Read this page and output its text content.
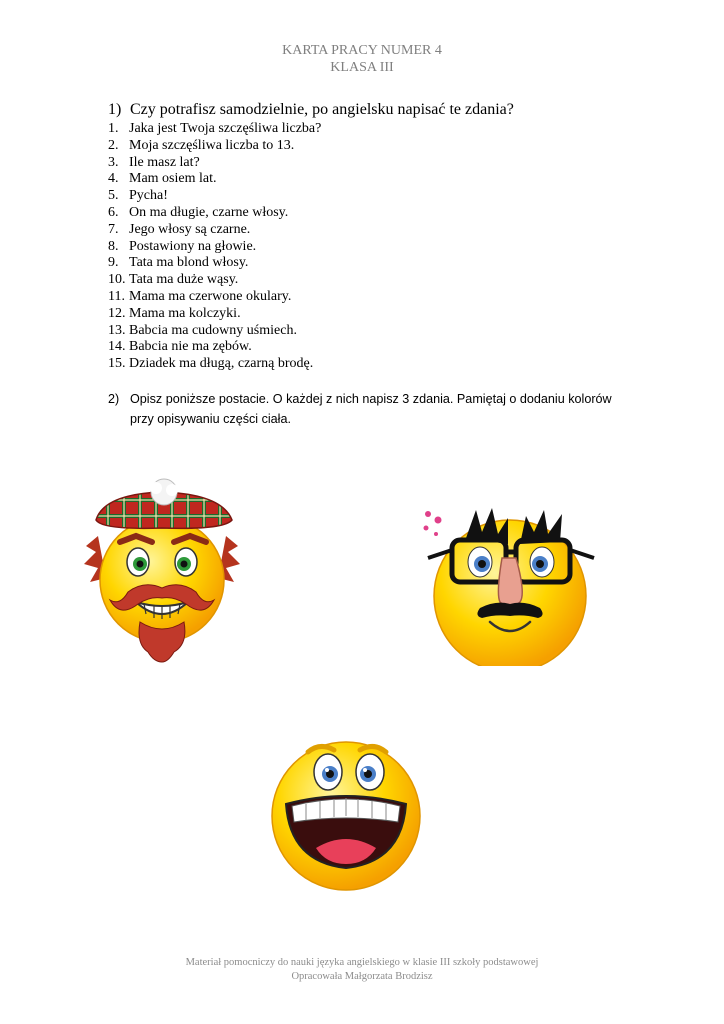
KARTA PRACY NUMER 4
KLASA III
1) Czy potrafisz samodzielnie, po angielsku napisać te zdania?
1. Jaka jest Twoja szczęśliwa liczba?
2. Moja szczęśliwa liczba to 13.
3. Ile masz lat?
4. Mam osiem lat.
5. Pycha!
6. On ma długie, czarne włosy.
7. Jego włosy są czarne.
8. Postawiony na głowie.
9. Tata ma blond włosy.
10. Tata ma duże wąsy.
11. Mama ma czerwone okulary.
12. Mama ma kolczyki.
13. Babcia ma cudowny uśmiech.
14. Babcia nie ma zębów.
15. Dziadek ma długą, czarną brodę.
2) Opisz poniższe postacie. O każdej z nich napisz 3 zdania. Pamiętaj o dodaniu kolorów
przy opisywaniu części ciała.
Materiał pomocniczy do nauki języka angielskiego w klasie III szkoły podstawowej
Opracowała Małgorzata Brodzisz
